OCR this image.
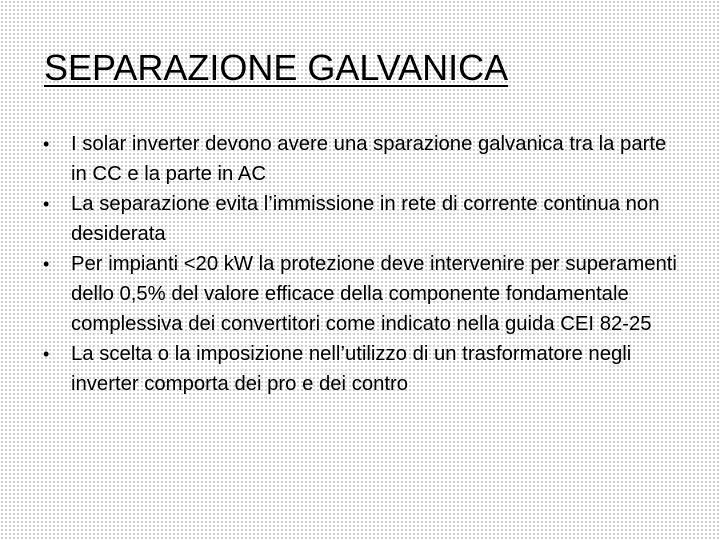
SEPARAZIONE GALVANICA
• I solar inverter devono avere una sparazione galvanica tra la parte in CC e la parte in AC
• La separazione evita l’immissione in rete di corrente continua non desiderata
• Per impianti <20 kW la protezione deve intervenire per superamenti dello 0,5% del valore efficace della componente fondamentale complessiva dei convertitori come indicato nella guida CEI 82-25
• La scelta o la imposizione nell’utilizzo di un trasformatore negli inverter comporta dei pro e dei contro
